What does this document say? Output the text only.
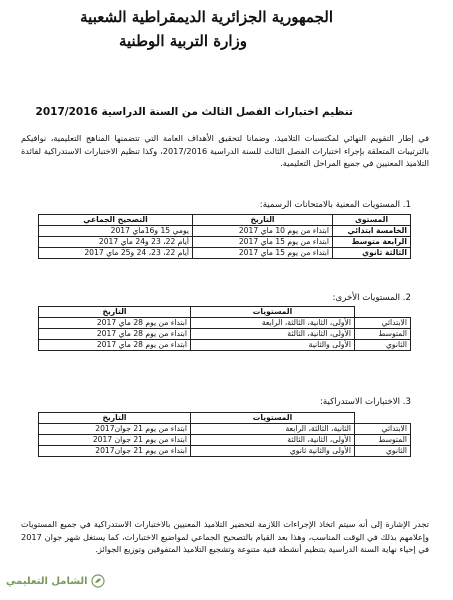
الجمهورية الجزائرية الديمقراطية الشعبية
وزارة التربية الوطنية
تنظيم اختبارات الفصل الثالث من السنة الدراسية 2017/2016
في إطار التقويم النهائي لمكتسبات التلاميذ، وضمانا لتحقيق الأهداف العامة التي تتضمنها المناهج التعليمية، نوافيكم بالترتيبات المتعلقة بإجراء اختبارات الفصل الثالث للسنة الدراسية 2017/2016، وكذا تنظيم الاختبارات الاستدراكية لفائدة التلاميذ المعنيين في جميع المراحل التعليمية.
1. المستويات المعنية بالامتحانات الرسمية:
المستوى	التاريخ	التصحيح الجماعي
الخامسة ابتدائي	ابتداء من يوم 10 ماي 2017	يومي 15 و16ماي 2017
الرابعة متوسط	ابتداء من يوم 15 ماي 2017	أيام 22، 23 و24 ماي 2017
الثالثة ثانوي	ابتداء من يوم 15 ماي 2017	أيام 22، 23، 24 و25 ماي 2017
2. المستويات الأخرى:
	المستويات	التاريخ
الابتدائي	الأولى، الثانية، الثالثة، الرابعة	ابتداء من يوم 28 ماي 2017
المتوسط	الأولى، الثانية، الثالثة	ابتداء من يوم 28 ماي 2017
الثانوي	الأولى والثانية	ابتداء من يوم 28 ماي 2017
3. الاختبارات الاستدراكية:
	المستويات	التاريخ
الابتدائي	الثانية، الثالثة، الرابعة	ابتداء من يوم 21 جوان2017
المتوسط	الأولى، الثانية، الثالثة	ابتداء من يوم 21 جوان 2017
الثانوي	الأولى والثانية ثانوي	ابتداء من يوم 21 جوان2017
تجدر الإشارة إلى أنه سيتم اتخاذ الإجراءات اللازمة لتحضير التلاميذ المعنيين بالاختبارات الاستدراكية في جميع المستويات وإعلامهم بذلك في الوقت المناسب، وهذا بعد القيام بالتصحيح الجماعي لمواضيع الاختبارات، كما يستغل شهر جوان 2017 في إحياء نهاية السنة الدراسية بتنظيم أنشطة فنية متنوعة وتشجيع التلاميذ المتفوقين وتوزيع الجوائز.
الشامل التعليمي
